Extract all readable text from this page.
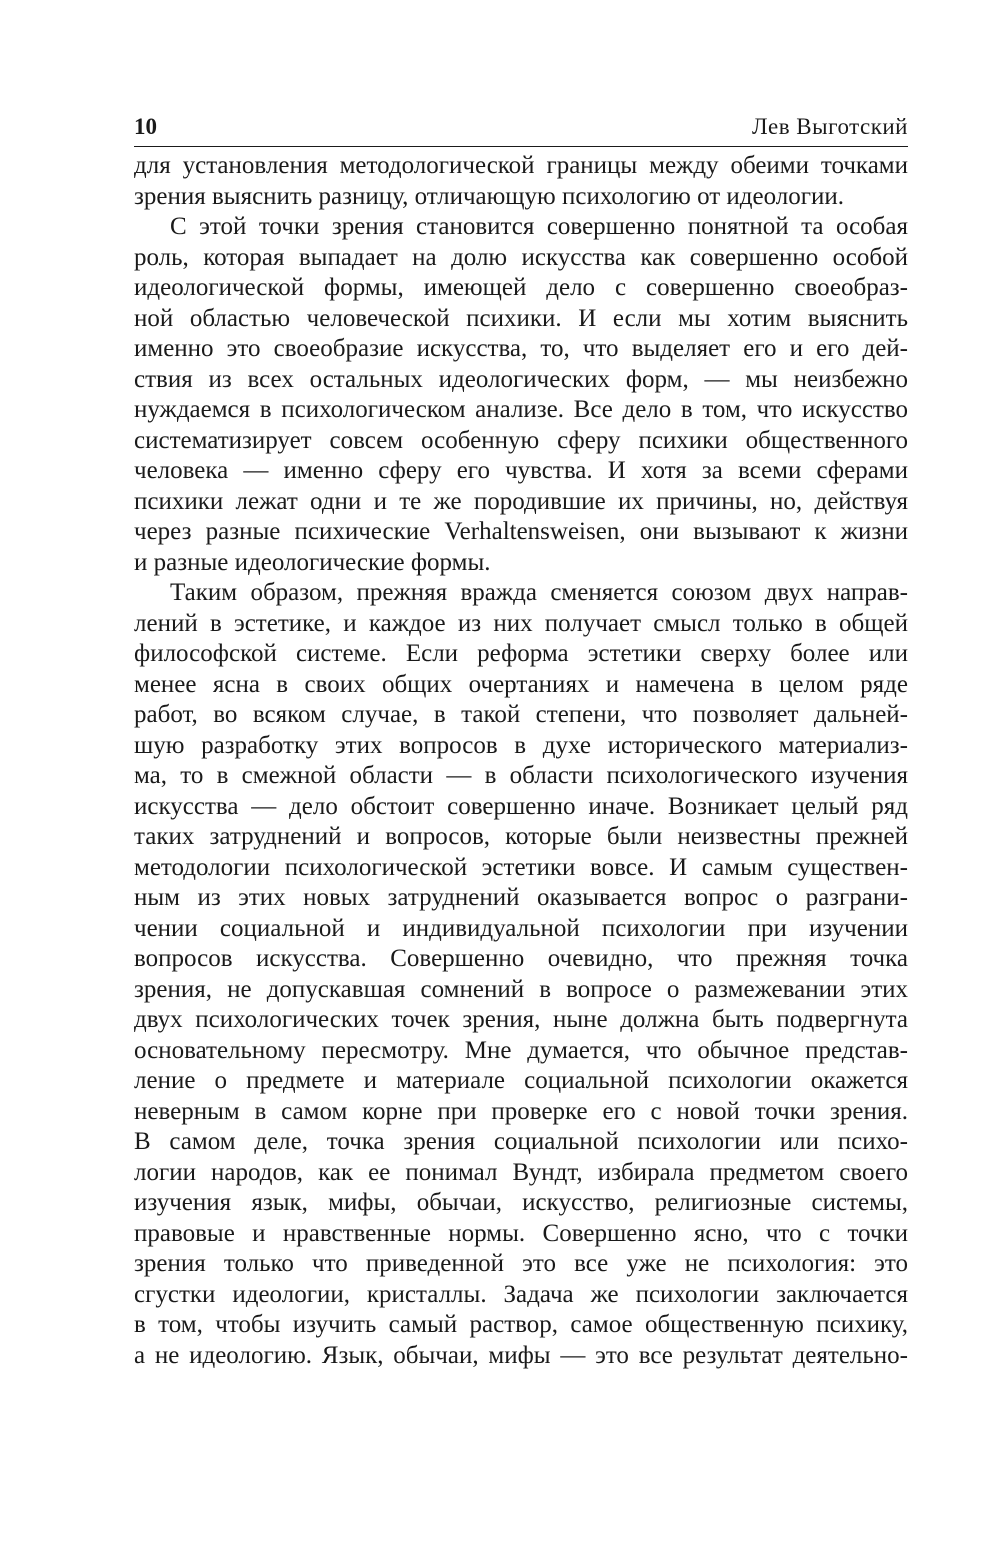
10	Лев Выготский
для установления методологической границы между обеими точками
зрения выяснить разницу, отличающую психологию от идеологии.
С этой точки зрения становится совершенно понятной та особая
роль, которая выпадает на долю искусства как совершенно особой
идеологической формы, имеющей дело с совершенно своеобраз-
ной областью человеческой психики. И если мы хотим выяснить
именно это своеобразие искусства, то, что выделяет его и его дей-
ствия из всех остальных идеологических форм, — мы неизбежно
нуждаемся в психологическом анализе. Все дело в том, что искусство
систематизирует совсем особенную сферу психики общественного
человека — именно сферу его чувства. И хотя за всеми сферами
психики лежат одни и те же породившие их причины, но, действуя
через разные психические Verhaltensweisen, они вызывают к жизни
и разные идеологические формы.
Таким образом, прежняя вражда сменяется союзом двух направ-
лений в эстетике, и каждое из них получает смысл только в общей
философской системе. Если реформа эстетики сверху более или
менее ясна в своих общих очертаниях и намечена в целом ряде
работ, во всяком случае, в такой степени, что позволяет дальней-
шую разработку этих вопросов в духе исторического материализ-
ма, то в смежной области — в области психологического изучения
искусства — дело обстоит совершенно иначе. Возникает целый ряд
таких затруднений и вопросов, которые были неизвестны прежней
методологии психологической эстетики вовсе. И самым существен-
ным из этих новых затруднений оказывается вопрос о разграни-
чении социальной и индивидуальной психологии при изучении
вопросов искусства. Совершенно очевидно, что прежняя точка
зрения, не допускавшая сомнений в вопросе о размежевании этих
двух психологических точек зрения, ныне должна быть подвергнута
основательному пересмотру. Мне думается, что обычное представ-
ление о предмете и материале социальной психологии окажется
неверным в самом корне при проверке его с новой точки зрения.
В самом деле, точка зрения социальной психологии или психо-
логии народов, как ее понимал Вундт, избирала предметом своего
изучения язык, мифы, обычаи, искусство, религиозные системы,
правовые и нравственные нормы. Совершенно ясно, что с точки
зрения только что приведенной это все уже не психология: это
сгустки идеологии, кристаллы. Задача же психологии заключается
в том, чтобы изучить самый раствор, самое общественную психику,
а не идеологию. Язык, обычаи, мифы — это все результат деятельно-
